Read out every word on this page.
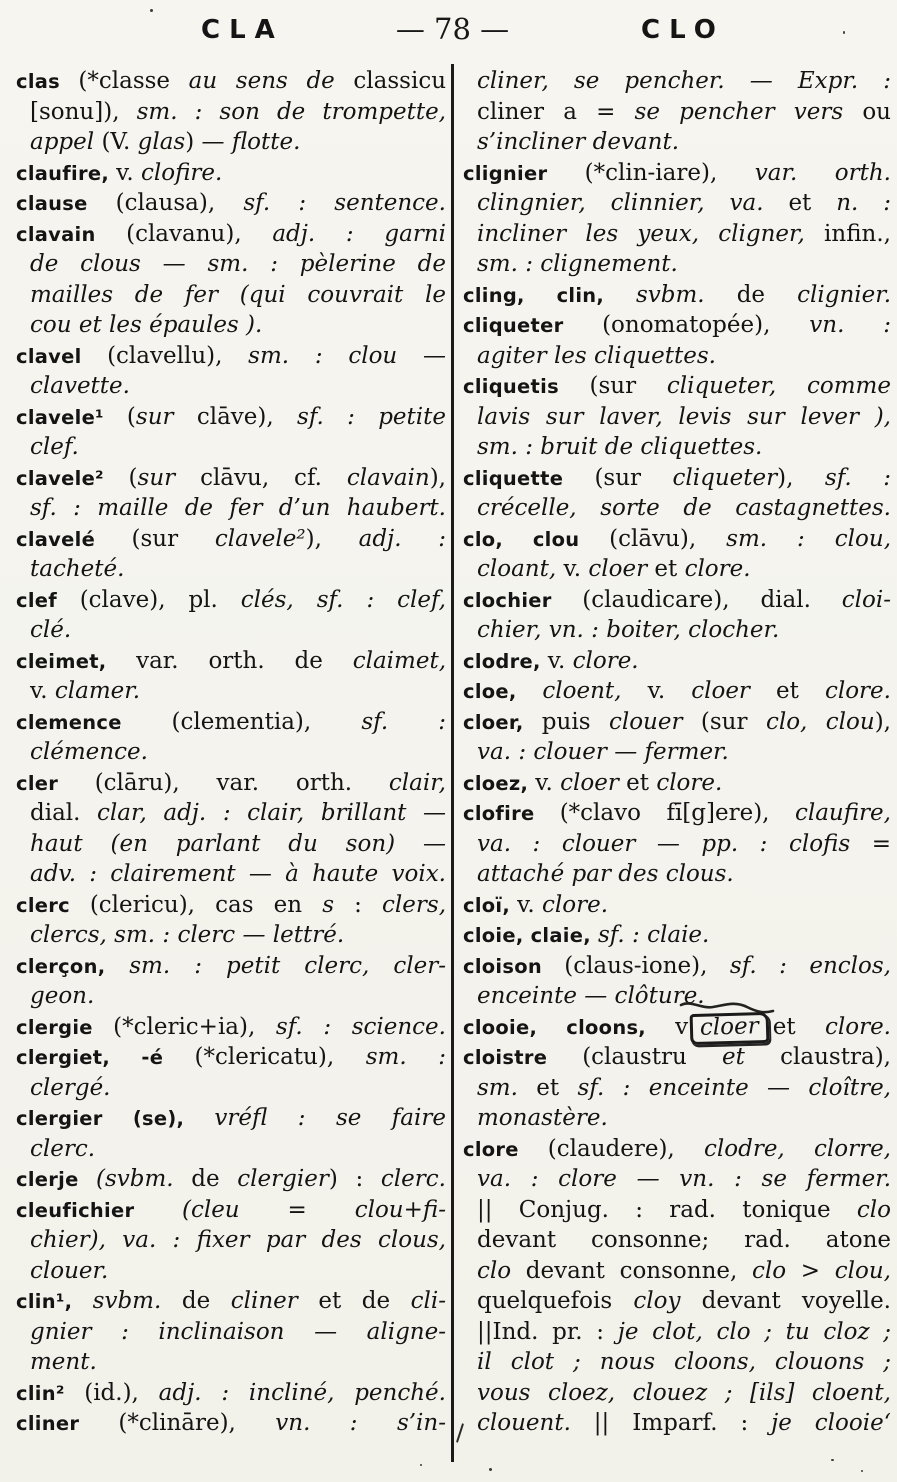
CLA	— 78 —	CLO
clas (*classe au sens de classicu
[sonu]), sm. : son de trompette,
appel (V. glas) — flotte.
claufire, v. clofire.
clause (clausa), sf. : sentence.
clavain (clavanu), adj. : garni
de clous — sm. : pèlerine de
mailles de fer (qui couvrait le
cou et les épaules ).
clavel (clavellu), sm. : clou —
clavette.
clavele¹ (sur clāve), sf. : petite
clef.
clavele² (sur clāvu, cf. clavain),
sf. : maille de fer d’un haubert.
clavelé (sur clavele²), adj. :
tacheté.
clef (clave), pl. clés, sf. : clef,
clé.
cleimet, var. orth. de claimet,
v. clamer.
clemence (clementia), sf. :
clémence.
cler (clāru), var. orth. clair,
dial. clar, adj. : clair, brillant —
haut (en parlant du son) —
adv. : clairement — à haute voix.
clerc (clericu), cas en s : clers,
clercs, sm. : clerc — lettré.
clerçon, sm. : petit clerc, cler-
geon.
clergie (*cleric+ia), sf. : science.
clergiet, -é (*clericatu), sm. :
clergé.
clergier (se), vréfl : se faire
clerc.
clerje (svbm. de clergier) : clerc.
cleufichier (cleu = clou+fi-
chier), va. : fixer par des clous,
clouer.
clin¹, svbm. de cliner et de cli-
gnier : inclinaison — aligne-
ment.
clin² (id.), adj. : incliné, penché.
cliner (*clināre), vn. : s’in-
cliner, se pencher. — Expr. :
cliner a = se pencher vers ou
s’incliner devant.
clignier (*clin-iare), var. orth.
clingnier, clinnier, va. et n. :
incliner les yeux, cligner, infin.,
sm. : clignement.
cling, clin, svbm. de clignier.
cliqueter (onomatopée), vn. :
agiter les cliquettes.
cliquetis (sur cliqueter, comme
lavis sur laver, levis sur lever ),
sm. : bruit de cliquettes.
cliquette (sur cliqueter), sf. :
crécelle, sorte de castagnettes.
clo, clou (clāvu), sm. : clou,
cloant, v. cloer et clore.
clochier (claudicare), dial. cloi-
chier, vn. : boiter, clocher.
clodre, v. clore.
cloe, cloent, v. cloer et clore.
cloer, puis clouer (sur clo, clou),
va. : clouer — fermer.
cloez, v. cloer et clore.
clofire (*clavo fī[g]ere), claufire,
va. : clouer — pp. : clofis =
attaché par des clous.
cloï, v. clore.
cloie, claie, sf. : claie.
cloison (claus-ione), sf. : enclos,
enceinte — clôture.
clooie, cloons, v cloer et clore.
cloistre (claustru et claustra),
sm. et sf. : enceinte — cloître,
monastère.
clore (claudere), clodre, clorre,
va. : clore — vn. : se fermer.
|| Conjug. : rad. tonique clo
devant consonne; rad. atone
clo devant consonne, clo > clou,
quelquefois cloy devant voyelle.
||Ind. pr. : je clot, clo ; tu cloz ;
il clot ; nous cloons, clouons ;
vous cloez, clouez ; [ils] cloent,
clouent. || Imparf. : je clooie‘
